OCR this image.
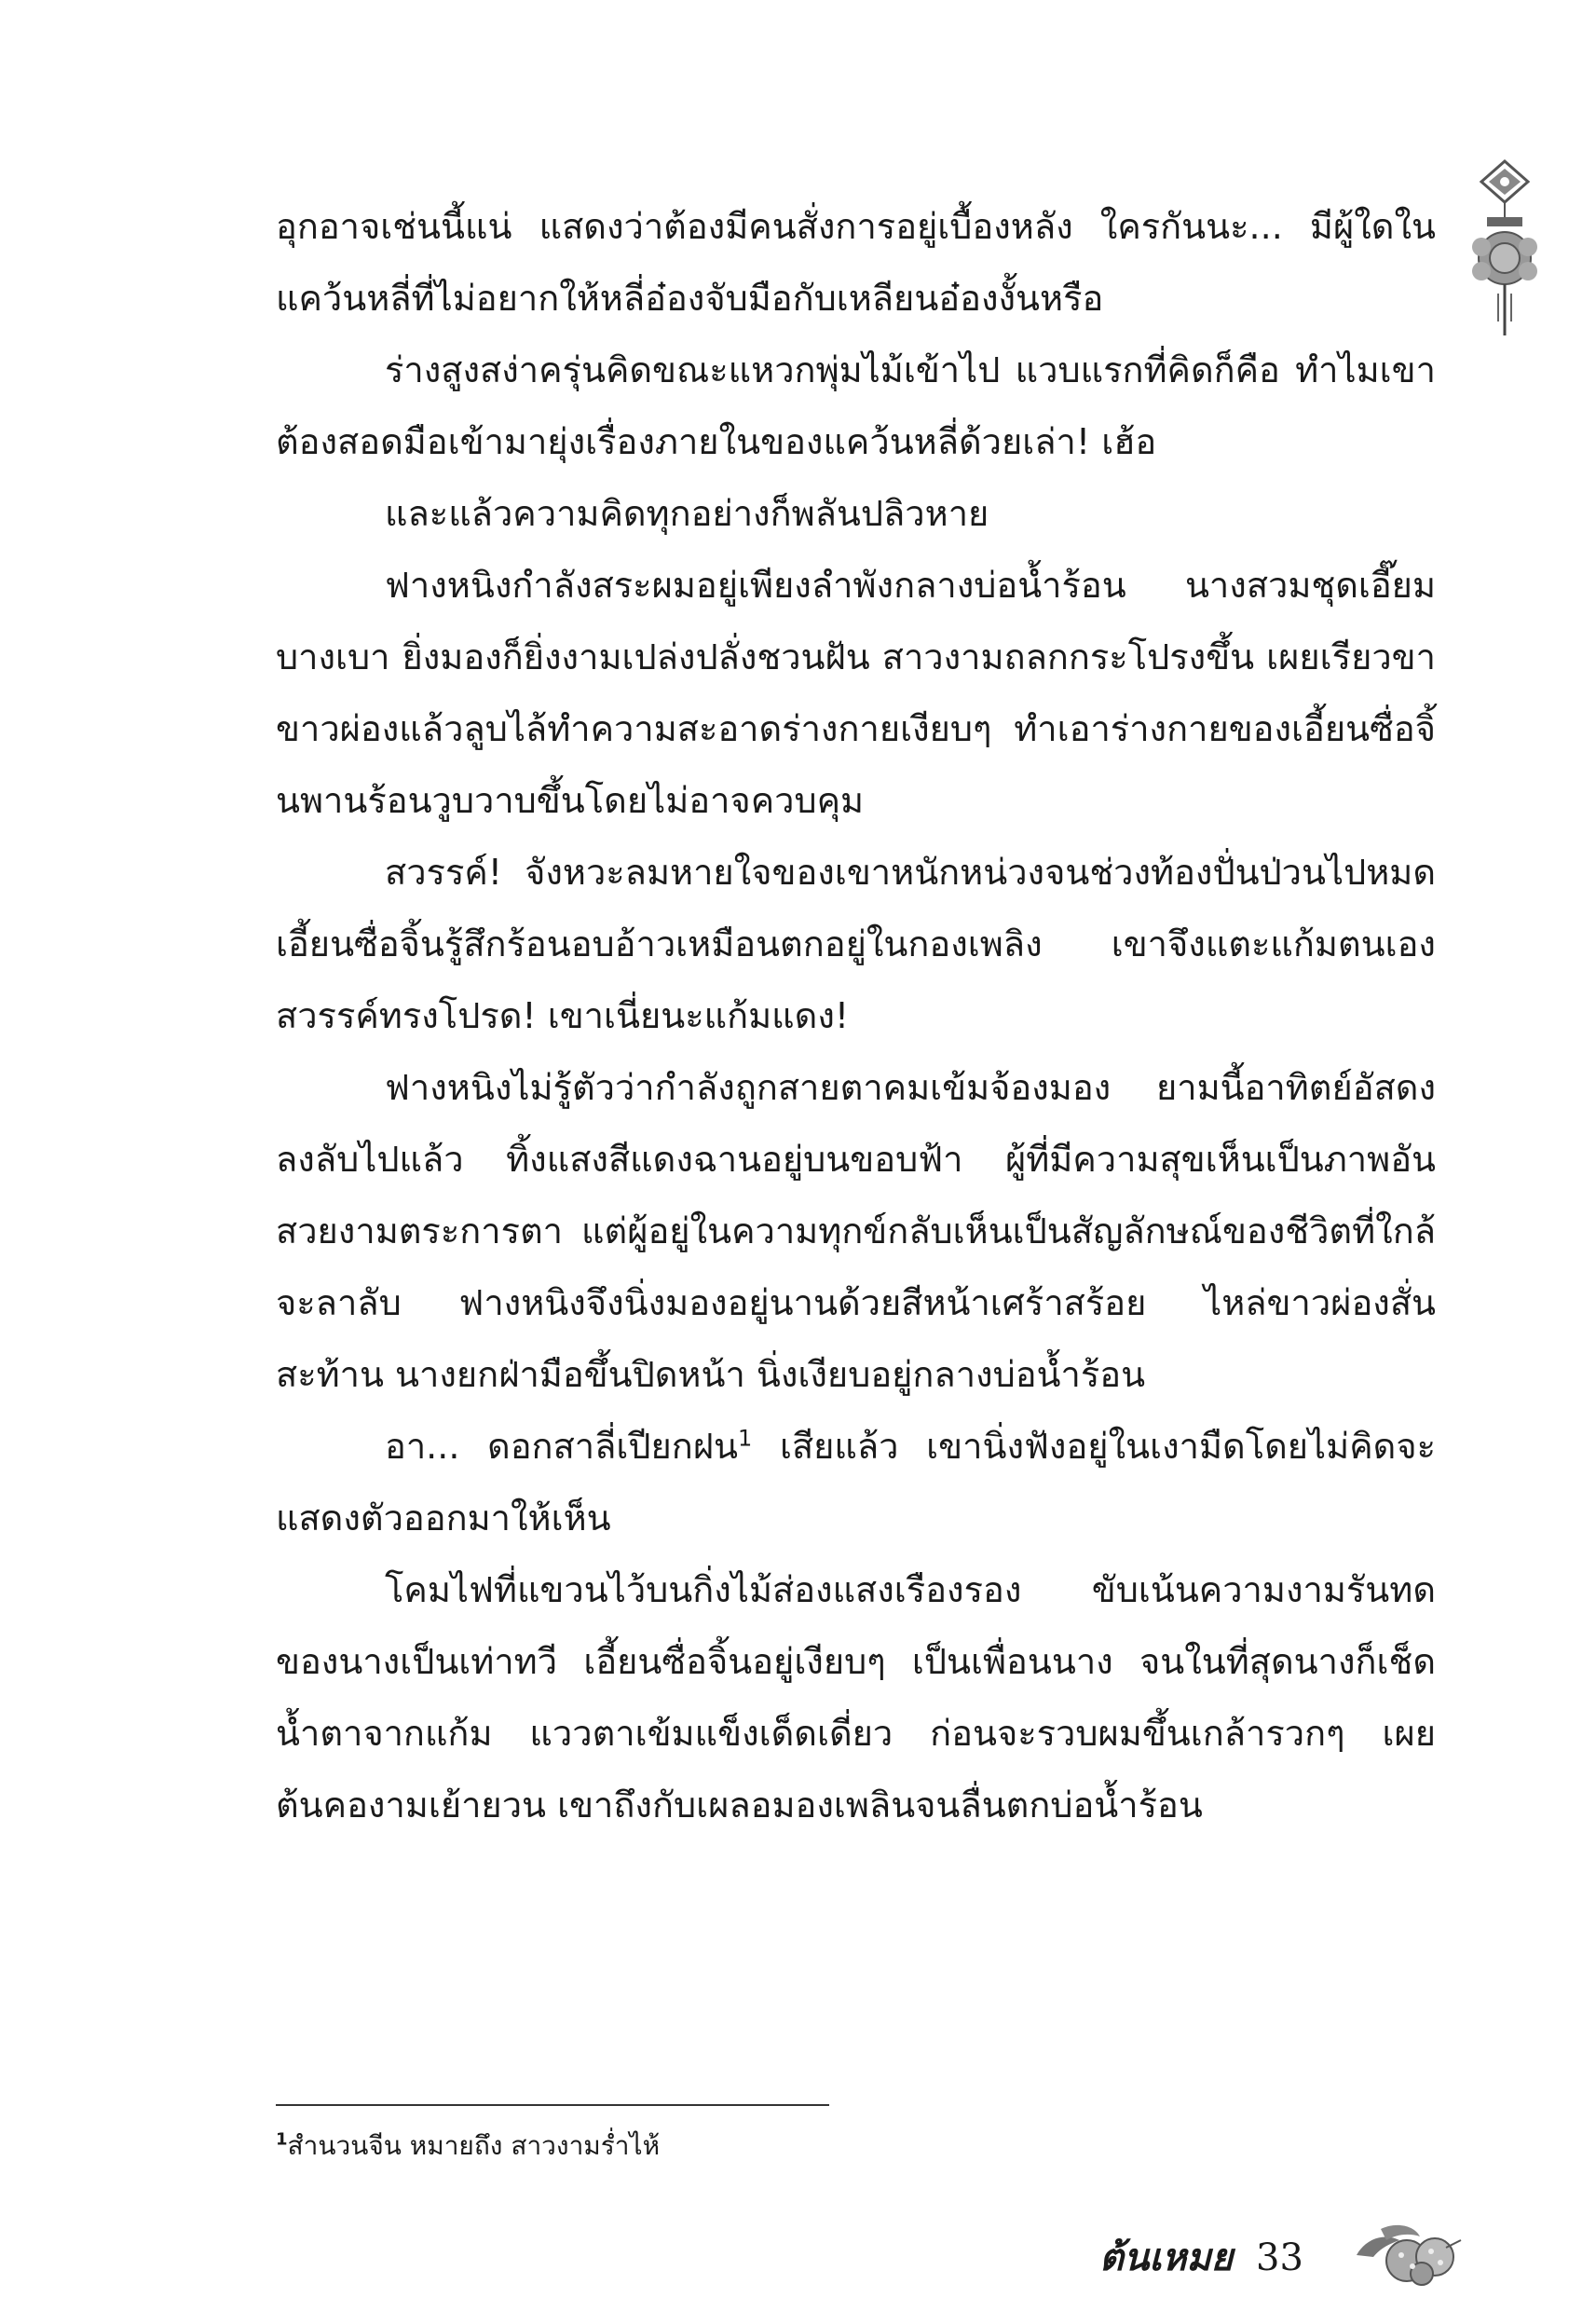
อุกอาจเช่นนี้แน่ แสดงว่าต้องมีคนสั่งการอยู่เบื้องหลัง ใครกันนะ... มีผู้ใดในแคว้นหลี่ที่ไม่อยากให้หลี่อ๋องจับมือกับเหลียนอ๋องงั้นหรือ

ร่างสูงสง่าครุ่นคิดขณะแหวกพุ่มไม้เข้าไป แวบแรกที่คิดก็คือ ทำไมเขาต้องสอดมือเข้ามายุ่งเรื่องภายในของแคว้นหลี่ด้วยเล่า! เฮ้อ

และแล้วความคิดทุกอย่างก็พลันปลิวหาย

ฟางหนิงกำลังสระผมอยู่เพียงลำพังกลางบ่อน้ำร้อน นางสวมชุดเอี๊ยมบางเบา ยิ่งมองก็ยิ่งงามเปล่งปลั่งชวนฝัน สาวงามถลกกระโปรงขึ้น เผยเรียวขาขาวผ่องแล้วลูบไล้ทำความสะอาดร่างกายเงียบๆ ทำเอาร่างกายของเอี้ยนซื่อจิ้นพานร้อนวูบวาบขึ้นโดยไม่อาจควบคุม

สวรรค์! จังหวะลมหายใจของเขาหนักหน่วงจนช่วงท้องปั่นป่วนไปหมด เอี้ยนซื่อจิ้นรู้สึกร้อนอบอ้าวเหมือนตกอยู่ในกองเพลิง เขาจึงแตะแก้มตนเอง สวรรค์ทรงโปรด! เขาเนี่ยนะแก้มแดง!

ฟางหนิงไม่รู้ตัวว่ากำลังถูกสายตาคมเข้มจ้องมอง ยามนี้อาทิตย์อัสดงลงลับไปแล้ว ทิ้งแสงสีแดงฉานอยู่บนขอบฟ้า ผู้ที่มีความสุขเห็นเป็นภาพอันสวยงามตระการตา แต่ผู้อยู่ในความทุกข์กลับเห็นเป็นสัญลักษณ์ของชีวิตที่ใกล้จะลาลับ ฟางหนิงจึงนิ่งมองอยู่นานด้วยสีหน้าเศร้าสร้อย ไหล่ขาวผ่องสั่นสะท้าน นางยกฝ่ามือขึ้นปิดหน้า นิ่งเงียบอยู่กลางบ่อน้ำร้อน

อา... ดอกสาลี่เปียกฝน$^1$ เสียแล้ว เขานิ่งฟังอยู่ในเงามืดโดยไม่คิดจะแสดงตัวออกมาให้เห็น

โคมไฟที่แขวนไว้บนกิ่งไม้ส่องแสงเรืองรอง ขับเน้นความงามรันทดของนางเป็นเท่าทวี เอี้ยนซื่อจิ้นอยู่เงียบๆ เป็นเพื่อนนาง จนในที่สุดนางก็เช็ดน้ำตาจากแก้ม แววตาเข้มแข็งเด็ดเดี่ยว ก่อนจะรวบผมขึ้นเกล้ารวกๆ เผยต้นคองามเย้ายวน เขาถึงกับเผลอมองเพลินจนลื่นตกบ่อน้ำร้อน

$^1$สำนวนจีน หมายถึง สาวงามร่ำไห้
ต้นเหมย 33
